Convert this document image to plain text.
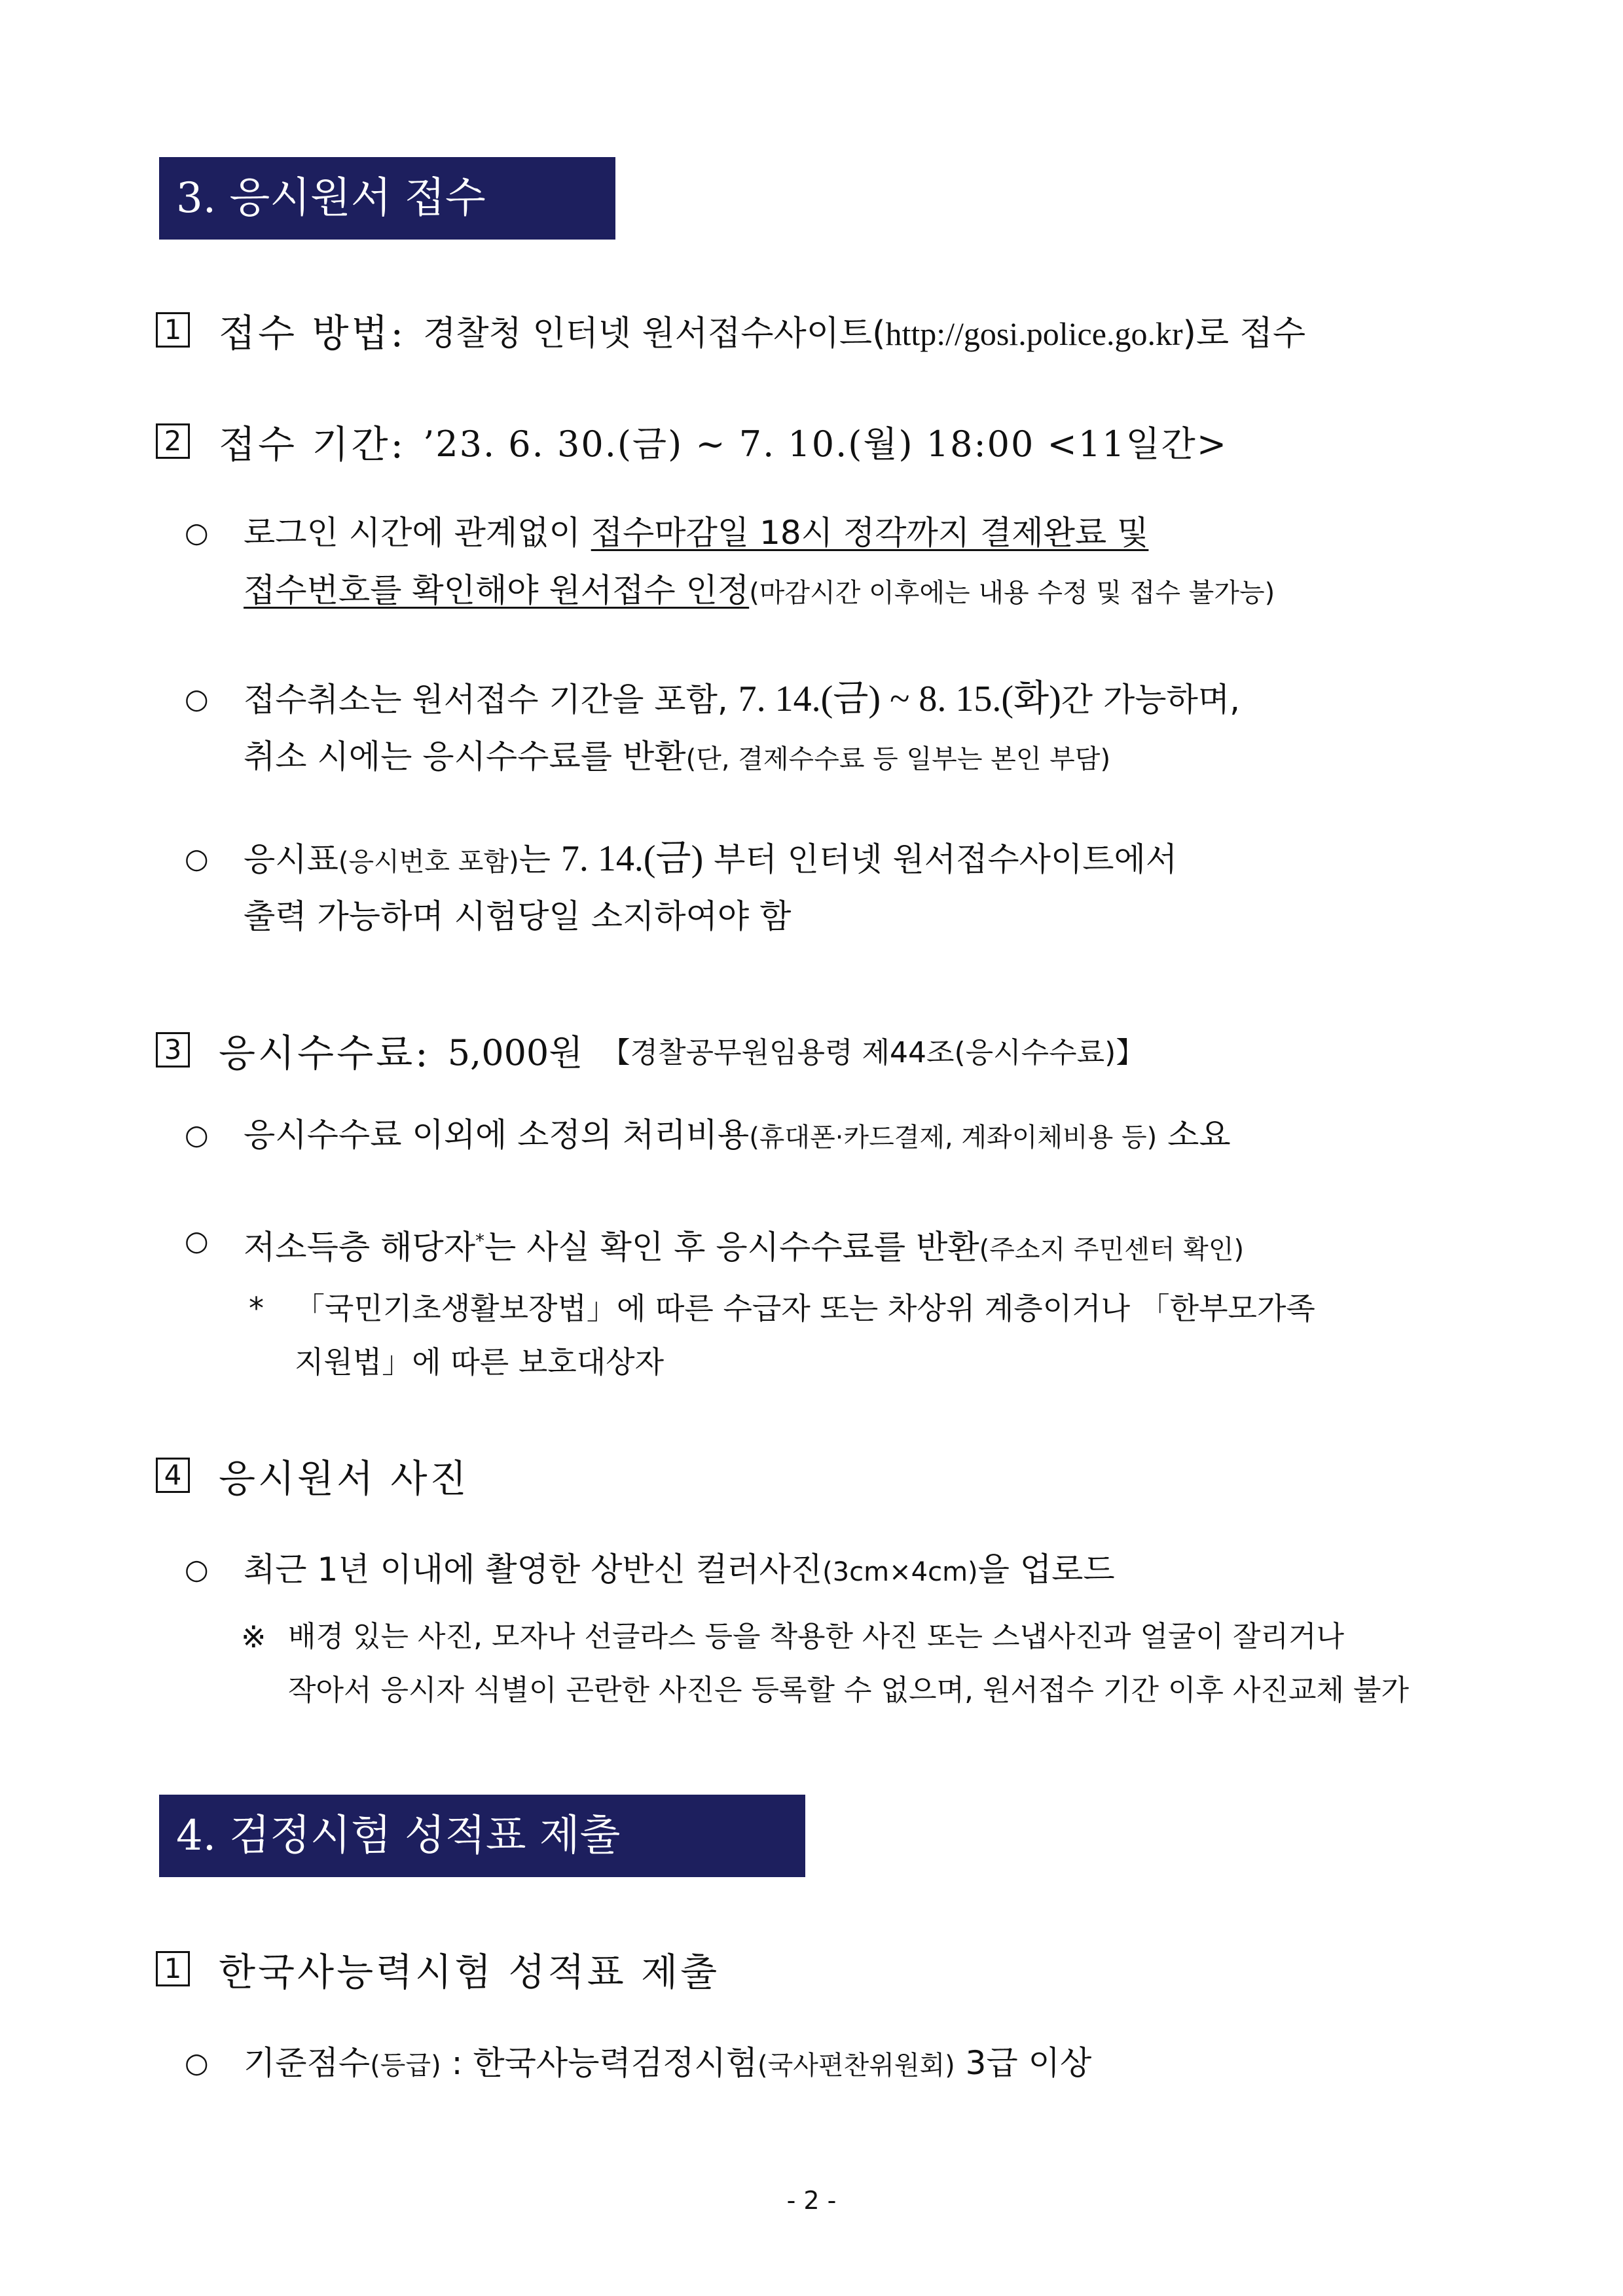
3. 응시원서 접수
1 접수 방법: 경찰청 인터넷 원서접수사이트(http://gosi.police.go.kr)로 접수
2 접수 기간: ’23. 6. 30.(금) ~ 7. 10.(월) 18:00 <11일간>
○ 로그인 시간에 관계없이 접수마감일 18시 정각까지 결제완료 및
접수번호를 확인해야 원서접수 인정(마감시간 이후에는 내용 수정 및 접수 불가능)
○ 접수취소는 원서접수 기간을 포함, 7. 14.(금) ~ 8. 15.(화)간 가능하며,
취소 시에는 응시수수료를 반환(단, 결제수수료 등 일부는 본인 부담)
○ 응시표(응시번호 포함)는 7. 14.(금) 부터 인터넷 원서접수사이트에서
출력 가능하며 시험당일 소지하여야 함
3 응시수수료: 5,000원 【경찰공무원임용령 제44조(응시수수료)】
○ 응시수수료 이외에 소정의 처리비용(휴대폰·카드결제, 계좌이체비용 등) 소요
○ 저소득층 해당자*는 사실 확인 후 응시수수료를 반환(주소지 주민센터 확인)
* 「국민기초생활보장법」에 따른 수급자 또는 차상위 계층이거나 「한부모가족
지원법」에 따른 보호대상자
4 응시원서 사진
○ 최근 1년 이내에 촬영한 상반신 컬러사진(3cm×4cm)을 업로드
※ 배경 있는 사진, 모자나 선글라스 등을 착용한 사진 또는 스냅사진과 얼굴이 잘리거나
작아서 응시자 식별이 곤란한 사진은 등록할 수 없으며, 원서접수 기간 이후 사진교체 불가
4. 검정시험 성적표 제출
1 한국사능력시험 성적표 제출
○ 기준점수(등급) : 한국사능력검정시험(국사편찬위원회) 3급 이상
- 2 -
